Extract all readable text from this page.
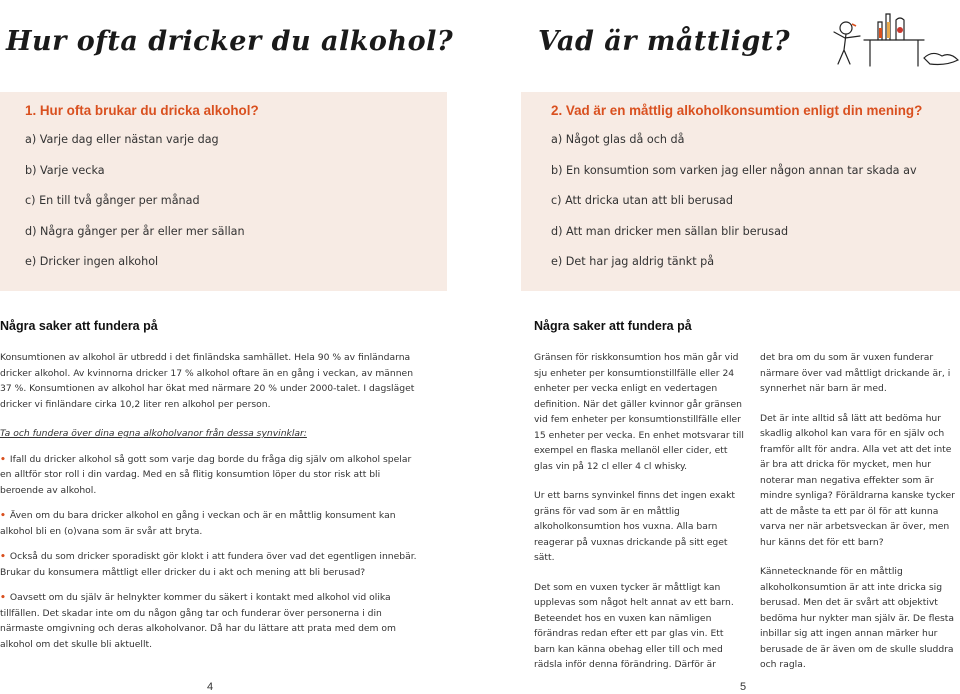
Hur ofta dricker du alkohol?	Vad är måttligt?
1. Hur ofta brukar du dricka alkohol?
a) Varje dag eller nästan varje dag
b) Varje vecka
c) En till två gånger per månad
d) Några gånger per år eller mer sällan
e) Dricker ingen alkohol
2. Vad är en måttlig alkoholkonsumtion enligt din mening?
a) Något glas då och då
b) En konsumtion som varken jag eller någon annan tar skada av
c) Att dricka utan att bli berusad
d) Att man dricker men sällan blir berusad
e) Det har jag aldrig tänkt på
Några saker att fundera på	Några saker att fundera på

Konsumtionen av alkohol är utbredd i det finländska samhället. Hela 90 % av finländarna dricker alkohol. Av kvinnorna dricker 17 % alkohol oftare än en gång i veckan, av männen 37 %. Konsumtionen av alkohol har ökat med närmare 20 % under 2000-talet. I dagsläget dricker vi finländare cirka 10,2 liter ren alkohol per person.

Ta och fundera över dina egna alkoholvanor från dessa synvinklar:

• Ifall du dricker alkohol så gott som varje dag borde du fråga dig själv om alkohol spelar en alltför stor roll i din vardag. Med en så flitig konsumtion löper du stor risk att bli beroende av alkohol.
• Även om du bara dricker alkohol en gång i veckan och är en måttlig konsument kan alkohol bli en (o)vana som är svår att bryta.
• Också du som dricker sporadiskt gör klokt i att fundera över vad det egentligen innebär. Brukar du konsumera måttligt eller dricker du i akt och mening att bli berusad?
• Oavsett om du själv är helnykter kommer du säkert i kontakt med alkohol vid olika tillfällen. Det skadar inte om du någon gång tar och funderar över personerna i din närmaste omgivning och deras alkoholvanor. Då har du lättare att prata med dem om alkohol om det skulle bli aktuellt.

Gränsen för riskkonsumtion hos män går vid sju enheter per konsumtionstillfälle eller 24 enheter per vecka enligt en vedertagen definition. När det gäller kvinnor går gränsen vid fem enheter per konsumtionstillfälle eller 15 enheter per vecka. En enhet motsvarar till exempel en flaska mellanöl eller cider, ett glas vin på 12 cl eller 4 cl whisky.

Ur ett barns synvinkel finns det ingen exakt gräns för vad som är en måttlig alkoholkonsumtion hos vuxna. Alla barn reagerar på vuxnas drickande på sitt eget sätt.

Det som en vuxen tycker är måttligt kan upplevas som något helt annat av ett barn. Beteendet hos en vuxen kan nämligen förändras redan efter ett par glas vin. Ett barn kan känna obehag eller till och med rädsla inför denna förändring. Därför är

det bra om du som är vuxen funderar närmare över vad måttligt drickande är, i synnerhet när barn är med.

Det är inte alltid så lätt att bedöma hur skadlig alkohol kan vara för en själv och framför allt för andra. Alla vet att det inte är bra att dricka för mycket, men hur noterar man negativa effekter som är mindre synliga? Föräldrarna kanske tycker att de måste ta ett par öl för att kunna varva ner när arbetsveckan är över, men hur känns det för ett barn?

Kännetecknande för en måttlig alkoholkonsumtion är att inte dricka sig berusad. Men det är svårt att objektivt bedöma hur nykter man själv är. De flesta inbillar sig att ingen annan märker hur berusade de är även om de skulle sluddra och ragla.

4	5
